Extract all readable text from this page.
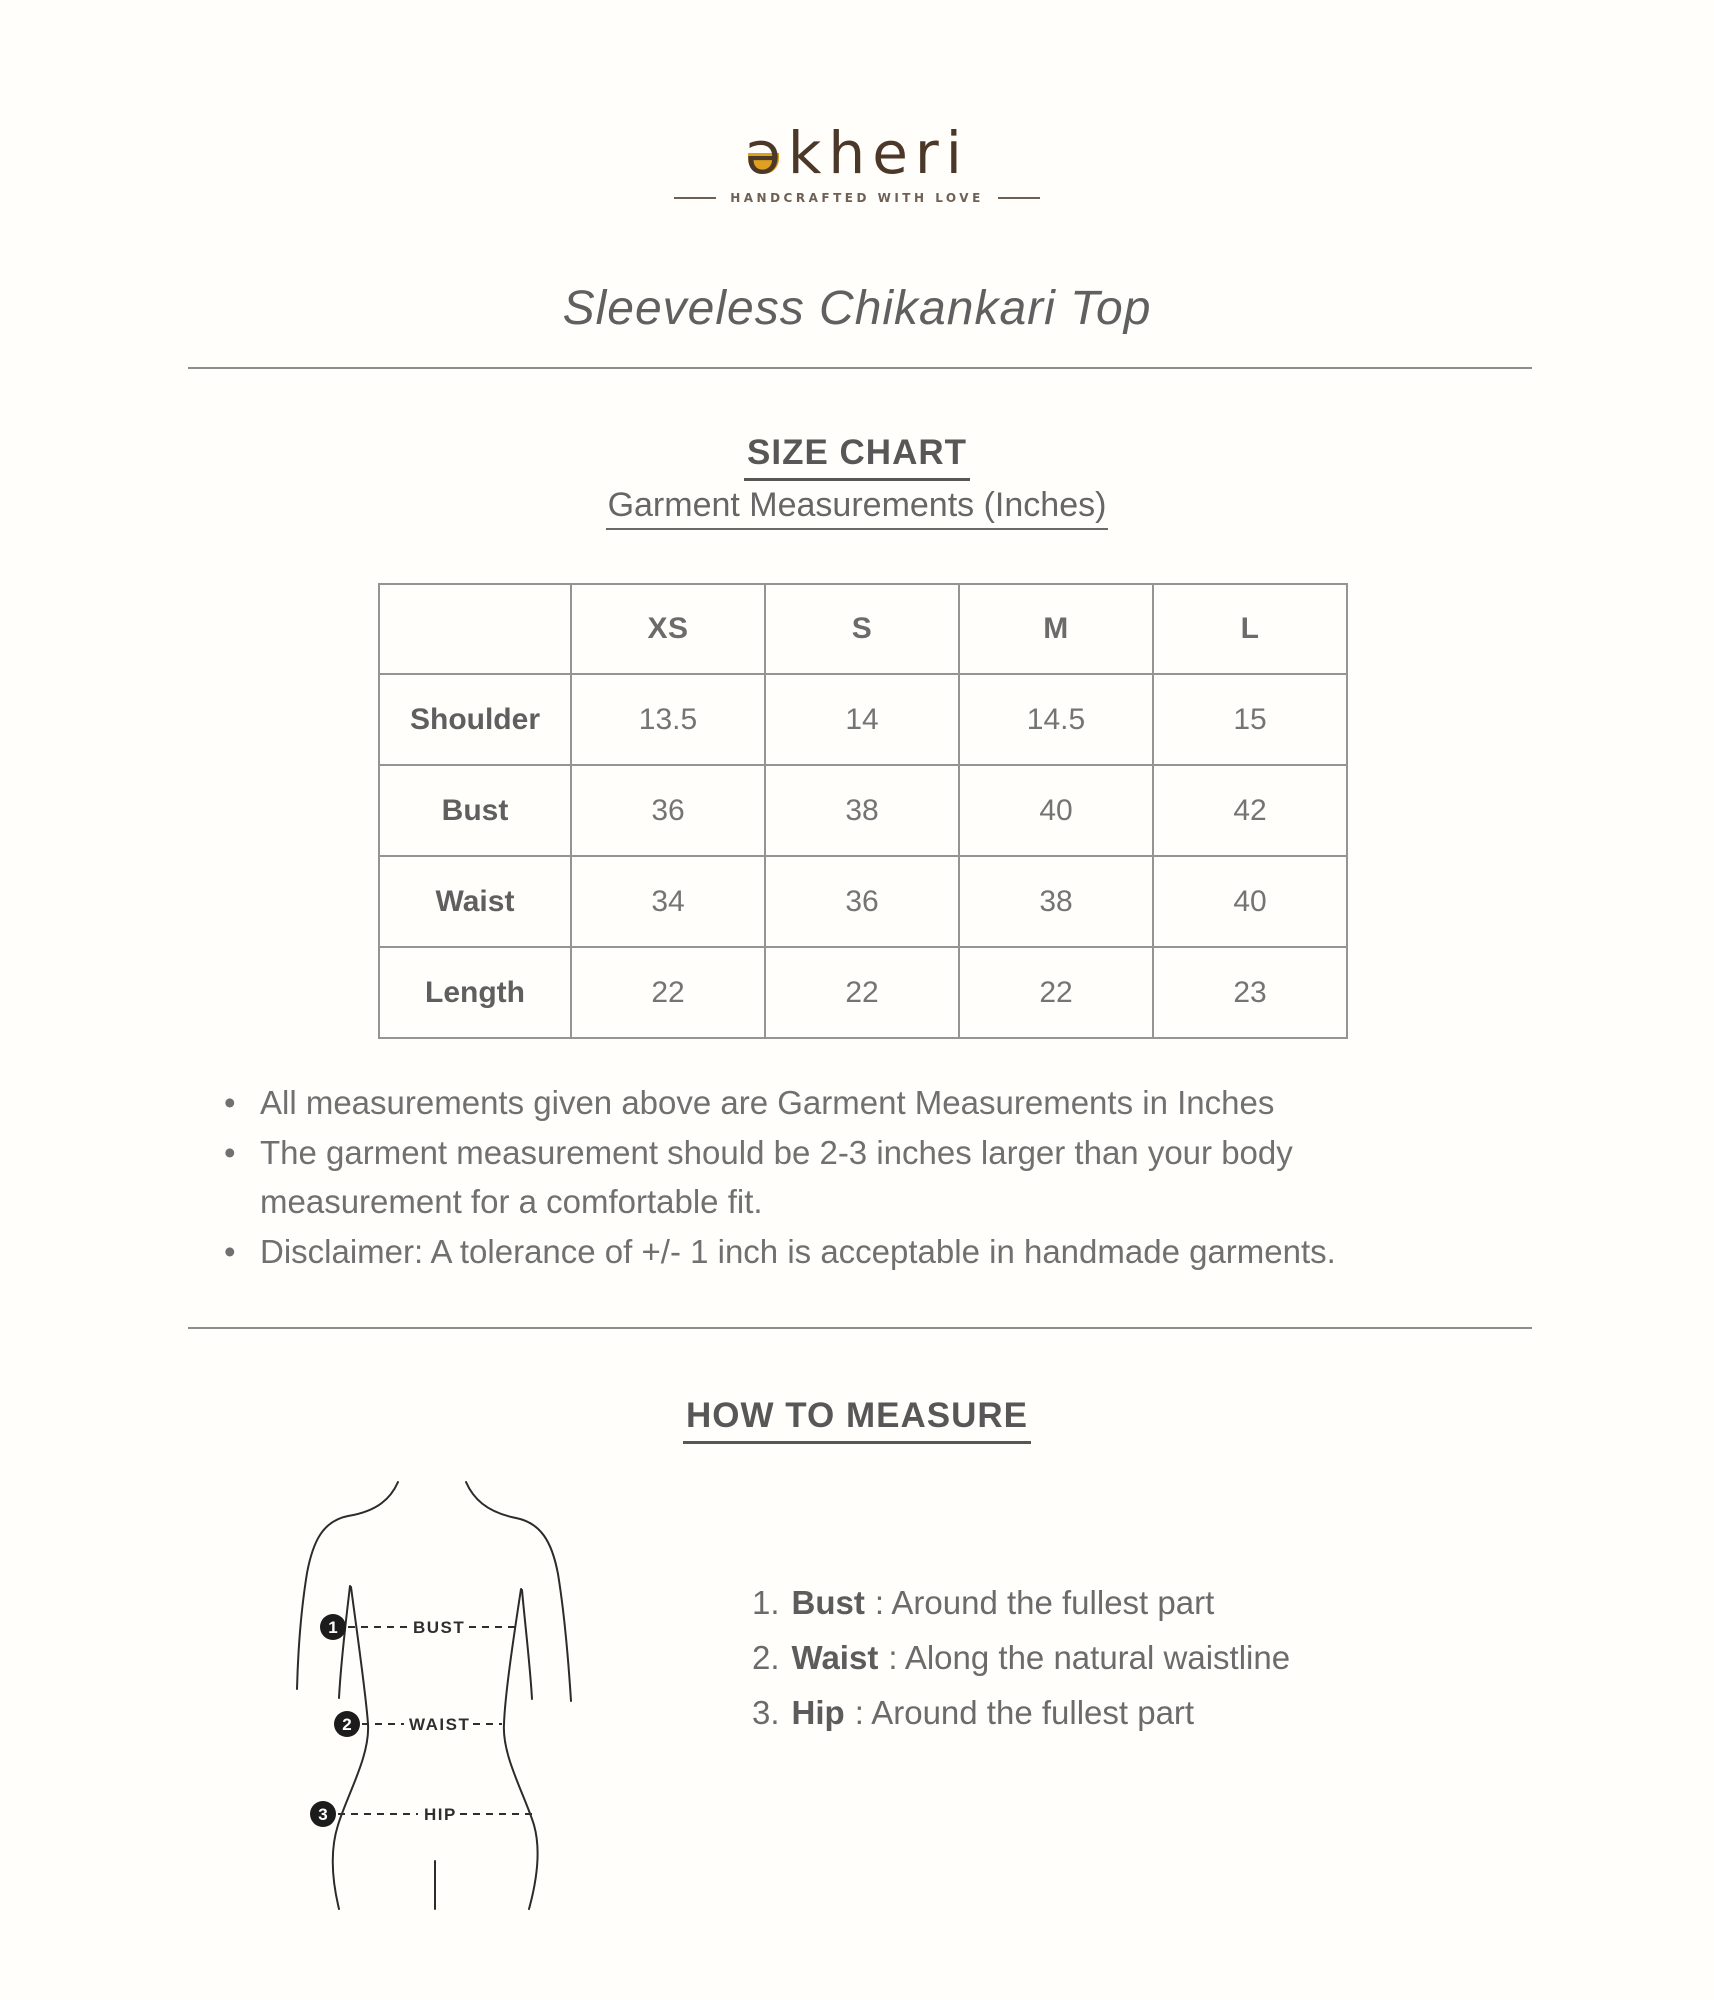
əkheri
HANDCRAFTED WITH LOVE
Sleeveless Chikankari Top
SIZE CHART
Garment Measurements (Inches)
	XS	S	M	L
Shoulder	13.5	14	14.5	15
Bust	36	38	40	42
Waist	34	36	38	40
Length	22	22	22	23
• All measurements given above are Garment Measurements in Inches
• The garment measurement should be 2-3 inches larger than your body measurement for a comfortable fit.
• Disclaimer: A tolerance of +/- 1 inch is acceptable in handmade garments.
HOW TO MEASURE
1
2
3
BUST
WAIST
HIP
1. Bust : Around the fullest part
2. Waist : Along the natural waistline
3. Hip : Around the fullest part
